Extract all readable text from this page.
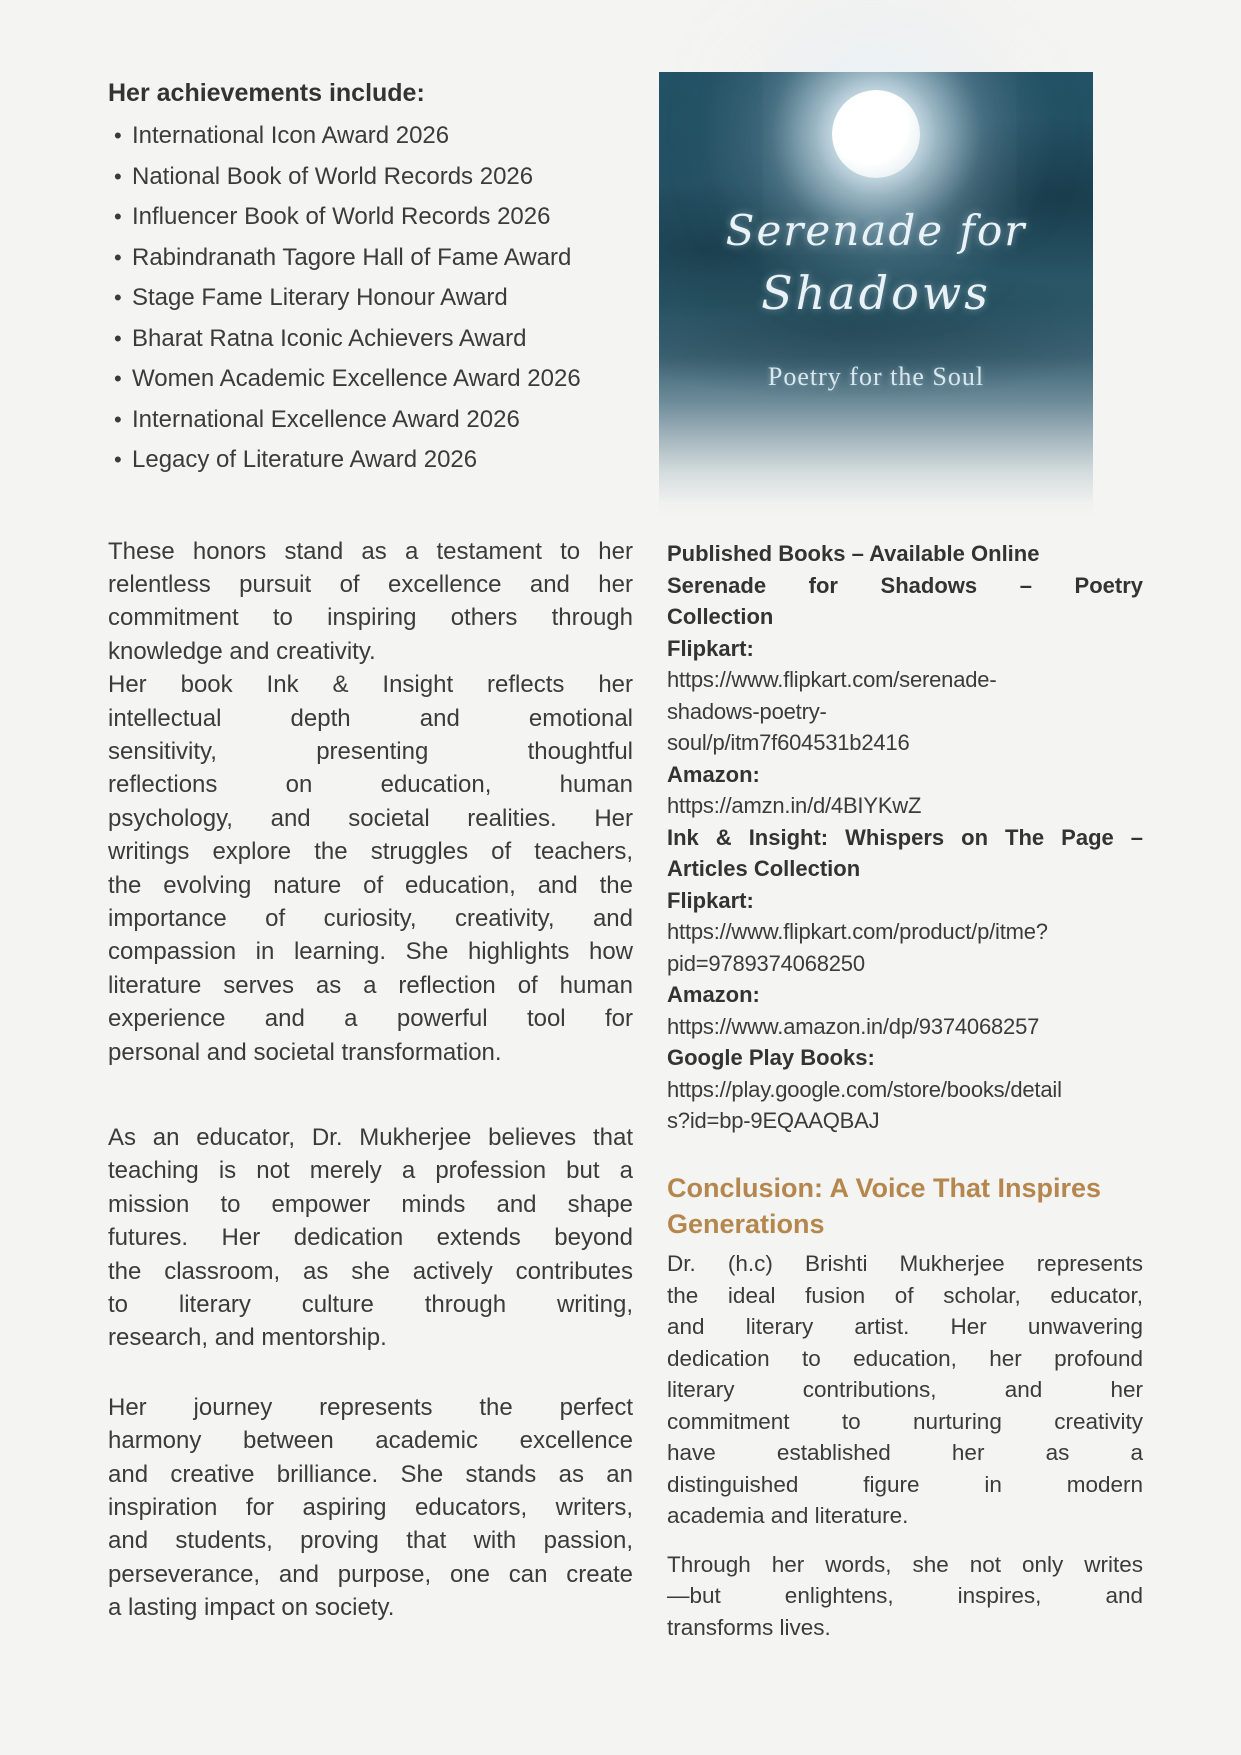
Her achievements include:
• International Icon Award 2026
• National Book of World Records 2026
• Influencer Book of World Records 2026
• Rabindranath Tagore Hall of Fame Award
• Stage Fame Literary Honour Award
• Bharat Ratna Iconic Achievers Award
• Women Academic Excellence Award 2026
• International Excellence Award 2026
• Legacy of Literature Award 2026
These honors stand as a testament to her
relentless pursuit of excellence and her
commitment to inspiring others through
knowledge and creativity.
Her book Ink & Insight reflects her
intellectual depth and emotional
sensitivity, presenting thoughtful
reflections on education, human
psychology, and societal realities. Her
writings explore the struggles of teachers,
the evolving nature of education, and the
importance of curiosity, creativity, and
compassion in learning. She highlights how
literature serves as a reflection of human
experience and a powerful tool for
personal and societal transformation.
As an educator, Dr. Mukherjee believes that
teaching is not merely a profession but a
mission to empower minds and shape
futures. Her dedication extends beyond
the classroom, as she actively contributes
to literary culture through writing,
research, and mentorship.
Her journey represents the perfect
harmony between academic excellence
and creative brilliance. She stands as an
inspiration for aspiring educators, writers,
and students, proving that with passion,
perseverance, and purpose, one can create
a lasting impact on society.
Serenade for
Shadows
Poetry for the Soul
Published Books – Available Online
Serenade for Shadows – Poetry
Collection
Flipkart:
https://www.flipkart.com/serenade-
shadows-poetry-
soul/p/itm7f604531b2416
Amazon:
https://amzn.in/d/4BIYKwZ
Ink & Insight: Whispers on The Page –
Articles Collection
Flipkart:
https://www.flipkart.com/product/p/itme?
pid=9789374068250
Amazon:
https://www.amazon.in/dp/9374068257
Google Play Books:
https://play.google.com/store/books/detail
s?id=bp-9EQAAQBAJ
Conclusion: A Voice That Inspires
Generations
Dr. (h.c) Brishti Mukherjee represents
the ideal fusion of scholar, educator,
and literary artist. Her unwavering
dedication to education, her profound
literary contributions, and her
commitment to nurturing creativity
have established her as a
distinguished figure in modern
academia and literature.
Through her words, she not only writes
—but enlightens, inspires, and
transforms lives.
